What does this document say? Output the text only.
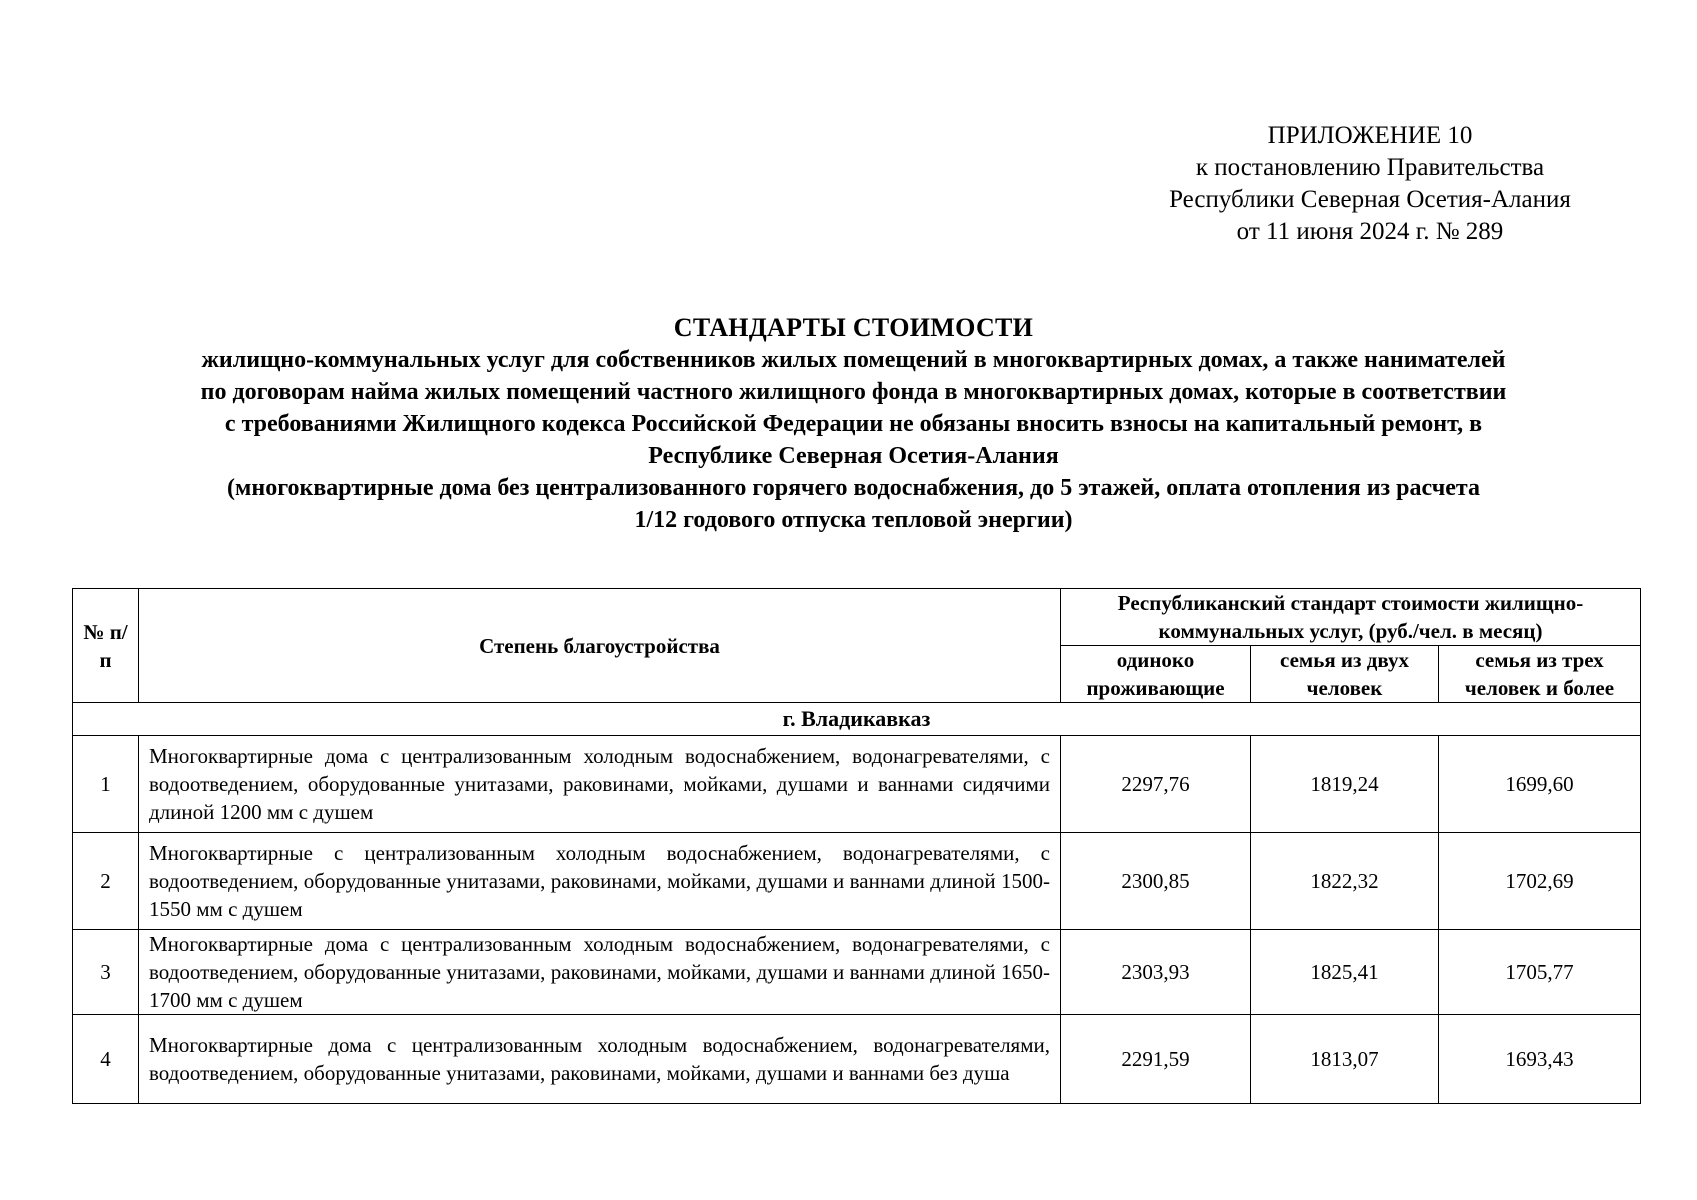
ПРИЛОЖЕНИЕ 10
к постановлению Правительства
Республики Северная Осетия-Алания
от 11 июня 2024 г. № 289
СТАНДАРТЫ СТОИМОСТИ
жилищно-коммунальных услуг для собственников жилых помещений в многоквартирных домах, а также нанимателей
по договорам найма жилых помещений частного жилищного фонда в многоквартирных домах, которые в соответствии
с требованиями Жилищного кодекса Российской Федерации не обязаны вносить взносы на капитальный ремонт, в
Республике Северная Осетия-Алания
(многоквартирные дома без централизованного горячего водоснабжения, до 5 этажей, оплата отопления из расчета
1/12 годового отпуска тепловой энергии)
№ п/п	Степень благоустройства	Республиканский стандарт стоимости жилищно-коммунальных услуг, (руб./чел. в месяц)		
		одиноко проживающие	семья из двух человек	семья из трех человек и более
г. Владикавказ				
1	Многоквартирные дома с централизованным холодным водоснабжением, водонагревателями, с водоотведением, оборудованные унитазами, раковинами, мойками, душами и ваннами сидячими длиной 1200 мм с душем	2297,76	1819,24	1699,60
2	Многоквартирные с централизованным холодным водоснабжением, водонагревателями, с водоотведением, оборудованные унитазами, раковинами, мойками, душами и ваннами длиной 1500-1550 мм с душем	2300,85	1822,32	1702,69
3	Многоквартирные дома с централизованным холодным водоснабжением, водонагревателями, с водоотведением, оборудованные унитазами, раковинами, мойками, душами и ваннами длиной 1650-1700 мм с душем	2303,93	1825,41	1705,77
4	Многоквартирные дома с централизованным холодным водоснабжением, водонагревателями, водоотведением, оборудованные унитазами, раковинами, мойками, душами и ваннами без душа	2291,59	1813,07	1693,43
